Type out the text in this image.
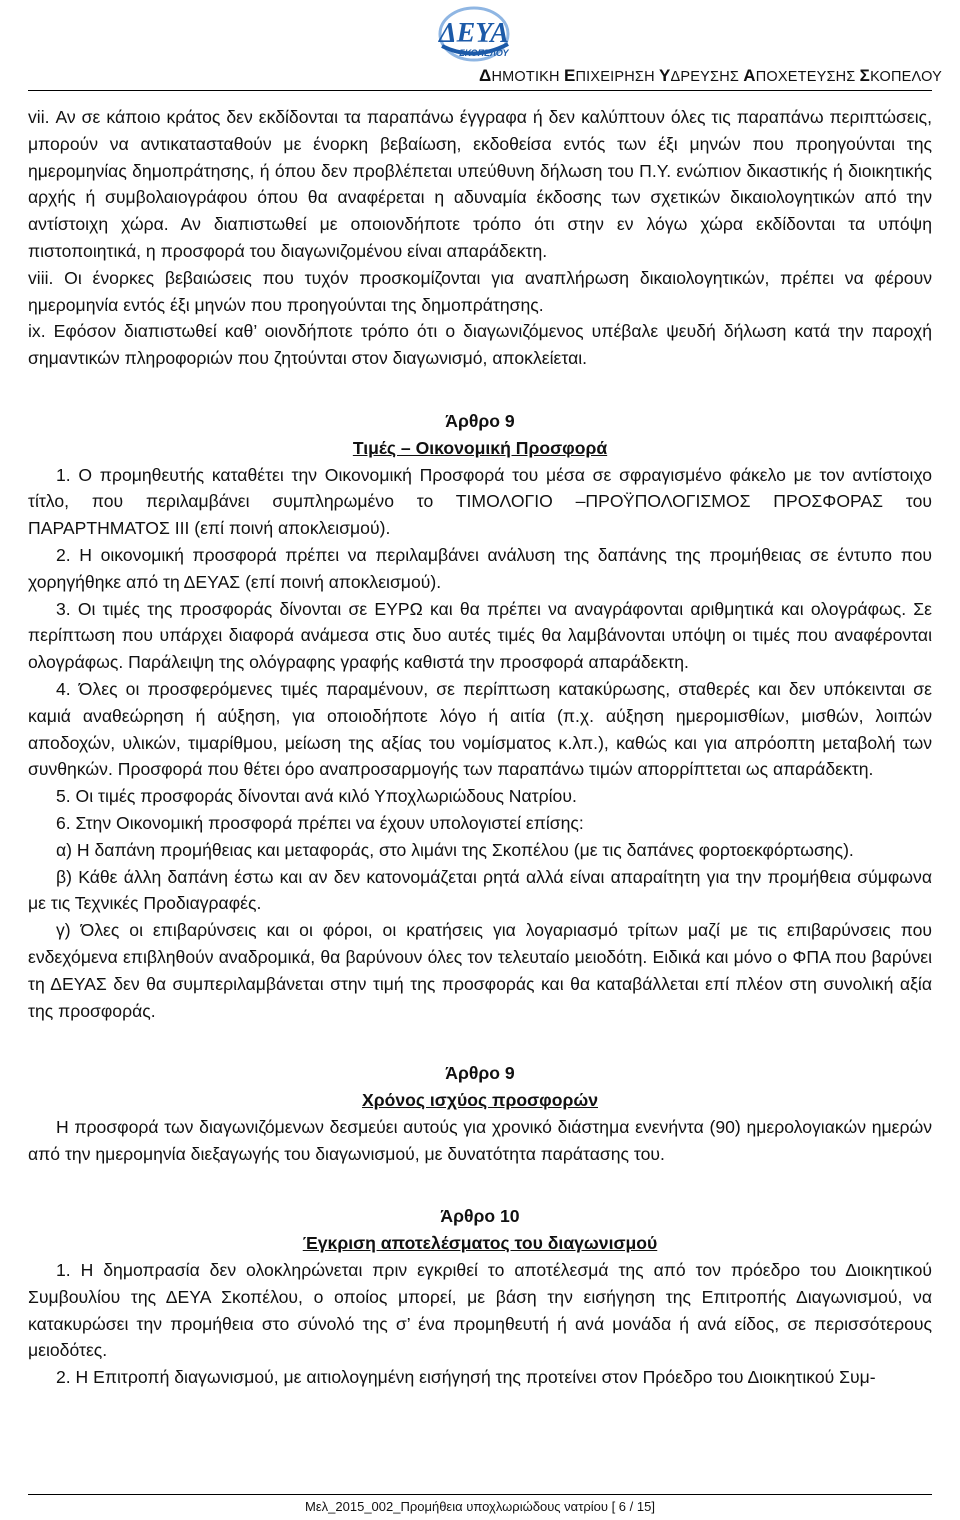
ΔΕΥΑ
ΣΚΟΠΕΛΟΥ
ΔΗΜΟΤΙΚΗ ΕΠΙΧΕΙΡΗΣΗ ΥΔΡΕΥΣΗΣ ΑΠΟΧΕΤΕΥΣΗΣ ΣΚΟΠΕΛΟΥ

vii. Αν σε κάποιο κράτος δεν εκδίδονται τα παραπάνω έγγραφα ή δεν καλύπτουν όλες τις παραπάνω περιπτώσεις, μπορούν να αντικατασταθούν με ένορκη βεβαίωση, εκδοθείσα εντός των έξι μηνών που προηγούνται της ημερομηνίας δημοπράτησης, ή όπου δεν προβλέπεται υπεύθυνη δήλωση του Π.Υ. ενώπιον δικαστικής ή διοικητικής αρχής ή συμβολαιογράφου όπου θα αναφέρεται η αδυναμία έκδοσης των σχετικών δικαιολογητικών από την αντίστοιχη χώρα. Αν διαπιστωθεί με οποιονδήποτε τρόπο ότι στην εν λόγω χώρα εκδίδονται τα υπόψη πιστοποιητικά, η προσφορά του διαγωνιζομένου είναι απαράδεκτη.

viii. Οι ένορκες βεβαιώσεις που τυχόν προσκομίζονται για αναπλήρωση δικαιολογητικών, πρέπει να φέρουν ημερομηνία εντός έξι μηνών που προηγούνται της δημοπράτησης.

ix. Εφόσον διαπιστωθεί καθ’ οιονδήποτε τρόπο ότι ο διαγωνιζόμενος υπέβαλε ψευδή δήλωση κατά την παροχή σημαντικών πληροφοριών που ζητούνται στον διαγωνισμό, αποκλείεται.

Άρθρο 9

Τιμές – Οικονομική Προσφορά

1. Ο προμηθευτής καταθέτει την Οικονομική Προσφορά του μέσα σε σφραγισμένο φάκελο με τον αντίστοιχο τίτλο, που περιλαμβάνει συμπληρωμένο το ΤΙΜΟΛΟΓΙΟ –ΠΡΟΫΠΟΛΟΓΙΣΜΟΣ ΠΡΟΣΦΟΡΑΣ του ΠΑΡΑΡΤΗΜΑΤΟΣ ΙΙΙ (επί ποινή αποκλεισμού).

2. Η οικονομική προσφορά πρέπει να περιλαμβάνει ανάλυση της δαπάνης της προμήθειας σε έντυπο που χορηγήθηκε από τη ΔΕΥΑΣ (επί ποινή αποκλεισμού).

3. Οι τιμές της προσφοράς δίνονται σε ΕΥΡΩ και θα πρέπει να αναγράφονται αριθμητικά και ολογράφως. Σε περίπτωση που υπάρχει διαφορά ανάμεσα στις δυο αυτές τιμές θα λαμβάνονται υπόψη οι τιμές που αναφέρονται ολογράφως. Παράλειψη της ολόγραφης γραφής καθιστά την προσφορά απαράδεκτη.

4. Όλες οι προσφερόμενες τιμές παραμένουν, σε περίπτωση κατακύρωσης, σταθερές και δεν υπόκεινται σε καμιά αναθεώρηση ή αύξηση, για οποιοδήποτε λόγο ή αιτία (π.χ. αύξηση ημερομισθίων, μισθών, λοιπών αποδοχών, υλικών, τιμαρίθμου, μείωση της αξίας του νομίσματος κ.λπ.), καθώς και για απρόοπτη μεταβολή των συνθηκών. Προσφορά που θέτει όρο αναπροσαρμογής των παραπάνω τιμών απορρίπτεται ως απαράδεκτη.

5. Οι τιμές προσφοράς δίνονται ανά κιλό Υποχλωριώδους Νατρίου.

6. Στην Οικονομική προσφορά πρέπει να έχουν υπολογιστεί επίσης:

α) Η δαπάνη προμήθειας και μεταφοράς, στο λιμάνι της Σκοπέλου (με τις δαπάνες φορτοεκφόρτωσης).

β) Κάθε άλλη δαπάνη έστω και αν δεν κατονομάζεται ρητά αλλά είναι απαραίτητη για την προμήθεια σύμφωνα με τις Τεχνικές Προδιαγραφές.

γ) Όλες οι επιβαρύνσεις και οι φόροι, οι κρατήσεις για λογαριασμό τρίτων μαζί με τις επιβαρύνσεις που ενδεχόμενα επιβληθούν αναδρομικά, θα βαρύνουν όλες τον τελευταίο μειοδότη. Ειδικά και μόνο ο ΦΠΑ που βαρύνει τη ΔΕΥΑΣ δεν θα συμπεριλαμβάνεται στην τιμή της προσφοράς και θα καταβάλλεται επί πλέον στη συνολική αξία της προσφοράς.

Άρθρο 9

Χρόνος ισχύος προσφορών

Η προσφορά των διαγωνιζόμενων δεσμεύει αυτούς για χρονικό διάστημα ενενήντα (90) ημερολογιακών ημερών από την ημερομηνία διεξαγωγής του διαγωνισμού, με δυνατότητα παράτασης του.

Άρθρο 10

Έγκριση αποτελέσματος του διαγωνισμού

1. Η δημοπρασία δεν ολοκληρώνεται πριν εγκριθεί το αποτέλεσμά της από τον πρόεδρο του Διοικητικού Συμβουλίου της ΔΕΥΑ Σκοπέλου, ο οποίος μπορεί, με βάση την εισήγηση της Επιτροπής Διαγωνισμού, να κατακυρώσει την προμήθεια στο σύνολό της σ’ ένα προμηθευτή ή ανά μονάδα ή ανά είδος, σε περισσότερους μειοδότες.

2. Η Επιτροπή διαγωνισμού, με αιτιολογημένη εισήγησή της προτείνει στον Πρόεδρο του Διοικητικού Συμ-

Μελ_2015_002_Προμήθεια υποχλωριώδους νατρίου [ 6 / 15]
